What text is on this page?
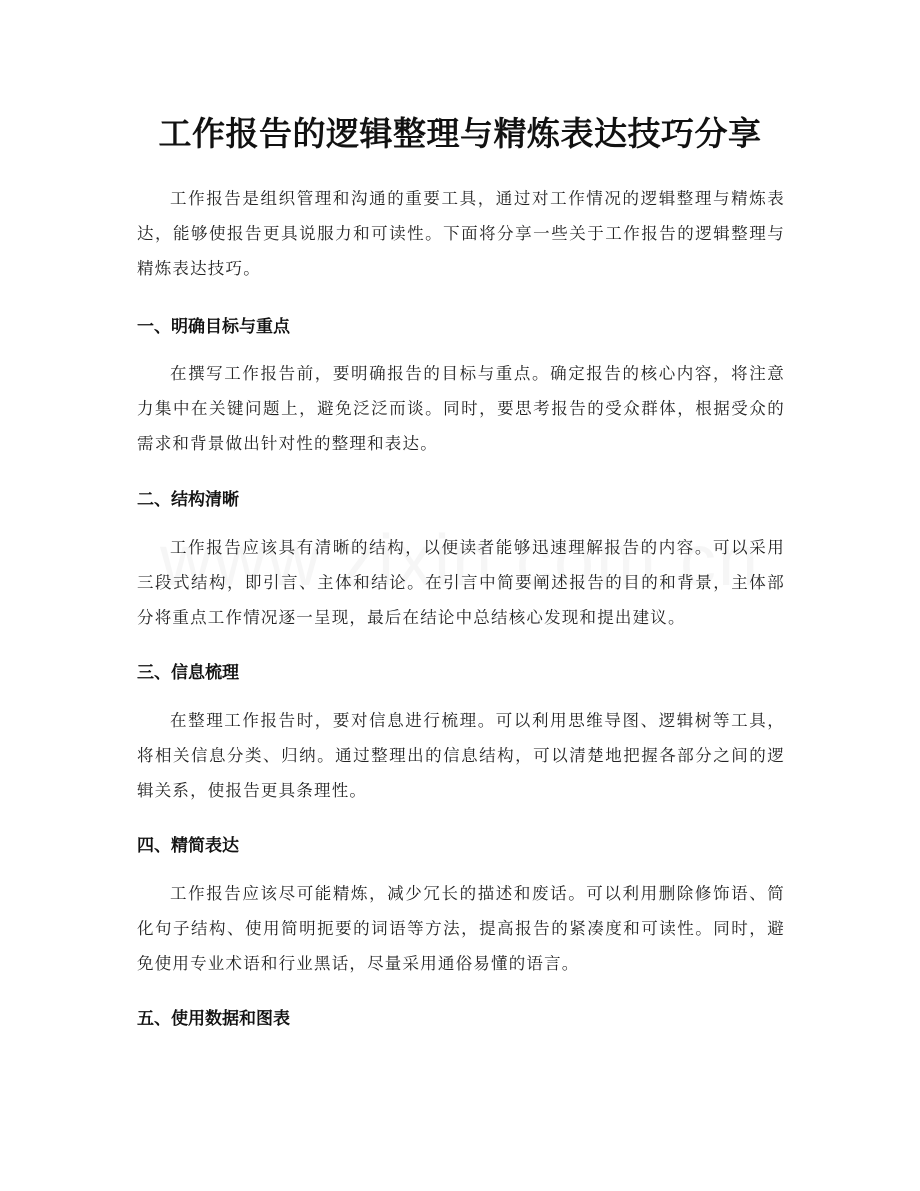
工作报告的逻辑整理与精炼表达技巧分享

工作报告是组织管理和沟通的重要工具，通过对工作情况的逻辑整理与精炼表达，能够使报告更具说服力和可读性。下面将分享一些关于工作报告的逻辑整理与精炼表达技巧。

一、明确目标与重点

在撰写工作报告前，要明确报告的目标与重点。确定报告的核心内容，将注意力集中在关键问题上，避免泛泛而谈。同时，要思考报告的受众群体，根据受众的需求和背景做出针对性的整理和表达。

二、结构清晰

工作报告应该具有清晰的结构，以便读者能够迅速理解报告的内容。可以采用三段式结构，即引言、主体和结论。在引言中简要阐述报告的目的和背景，主体部分将重点工作情况逐一呈现，最后在结论中总结核心发现和提出建议。

三、信息梳理

在整理工作报告时，要对信息进行梳理。可以利用思维导图、逻辑树等工具，将相关信息分类、归纳。通过整理出的信息结构，可以清楚地把握各部分之间的逻辑关系，使报告更具条理性。

四、精简表达

工作报告应该尽可能精炼，减少冗长的描述和废话。可以利用删除修饰语、简化句子结构、使用简明扼要的词语等方法，提高报告的紧凑度和可读性。同时，避免使用专业术语和行业黑话，尽量采用通俗易懂的语言。

五、使用数据和图表
